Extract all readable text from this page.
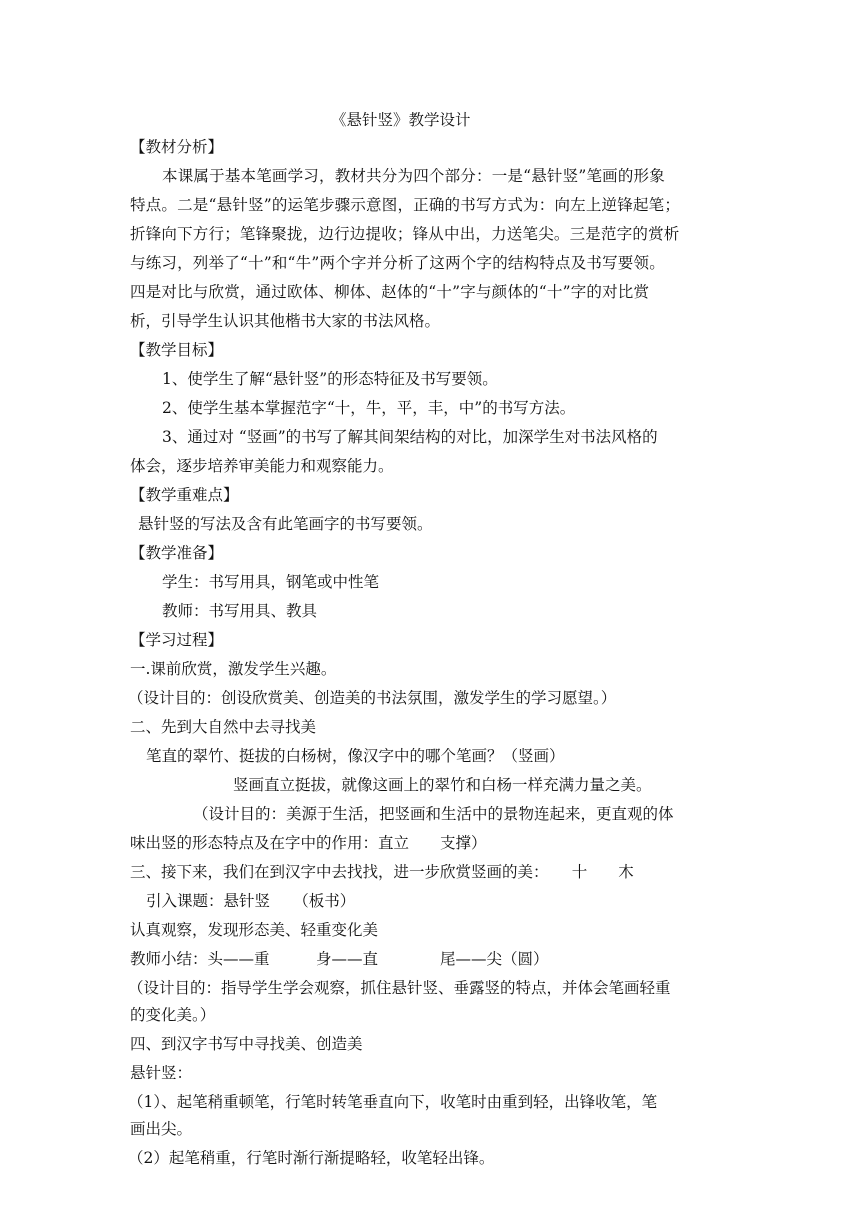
《悬针竖》教学设计
【教材分析】
本课属于基本笔画学习，教材共分为四个部分：一是“悬针竖”笔画的形象
特点。二是“悬针竖”的运笔步骤示意图，正确的书写方式为：向左上逆锋起笔；
折锋向下方行；笔锋聚拢，边行边提收；锋从中出，力送笔尖。三是范字的赏析
与练习，列举了“十”和“牛”两个字并分析了这两个字的结构特点及书写要领。
四是对比与欣赏，通过欧体、柳体、赵体的“十”字与颜体的“十”字的对比赏
析，引导学生认识其他楷书大家的书法风格。
【教学目标】
1、使学生了解“悬针竖”的形态特征及书写要领。
2、使学生基本掌握范字“十，牛，平，丰，中”的书写方法。
3、通过对 “竖画”的书写了解其间架结构的对比，加深学生对书法风格的
体会，逐步培养审美能力和观察能力。
【教学重难点】
悬针竖的写法及含有此笔画字的书写要领。
【教学准备】
学生：书写用具，钢笔或中性笔
教师：书写用具、教具
【学习过程】
一.课前欣赏，激发学生兴趣。
（设计目的：创设欣赏美、创造美的书法氛围，激发学生的学习愿望。）
二、先到大自然中去寻找美
笔直的翠竹、挺拔的白杨树，像汉字中的哪个笔画？（竖画）
竖画直立挺拔，就像这画上的翠竹和白杨一样充满力量之美。
（设计目的：美源于生活，把竖画和生活中的景物连起来，更直观的体
味出竖的形态特点及在字中的作用：直立　　支撑）
三、接下来，我们在到汉字中去找找，进一步欣赏竖画的美：　　十　　木
引入课题：悬针竖　　（板书）
认真观察，发现形态美、轻重变化美
教师小结：头——重　　　身——直　　　　尾——尖（圆）
（设计目的：指导学生学会观察，抓住悬针竖、垂露竖的特点，并体会笔画轻重
的变化美。）
四、到汉字书写中寻找美、创造美
悬针竖：
（1）、起笔稍重顿笔，行笔时转笔垂直向下，收笔时由重到轻，出锋收笔，笔
画出尖。
（2）起笔稍重，行笔时渐行渐提略轻，收笔轻出锋。
